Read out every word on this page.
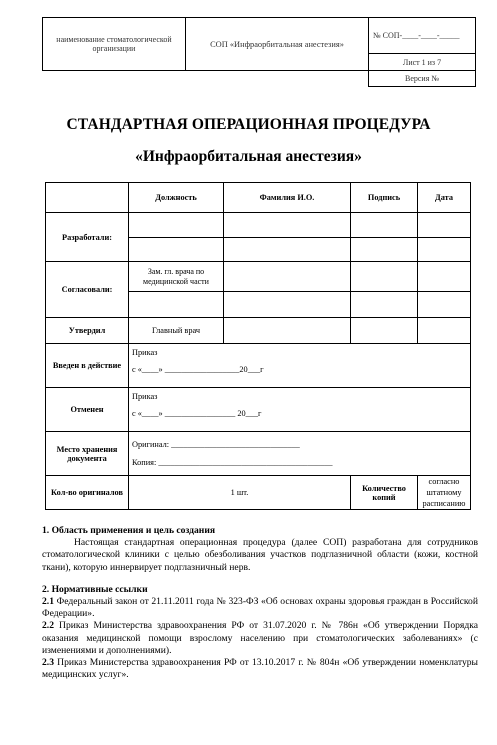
наименование стоматологической организации	СОП «Инфраорбитальная анестезия»	№ СОП-____-____-_____
		Лист 1 из 7
		Версия №
СТАНДАРТНАЯ ОПЕРАЦИОННАЯ ПРОЦЕДУРА
«Инфраорбитальная анестезия»
	Должность	Фамилия И.О.	Подпись	Дата
Разработали:				

Согласовали:	Зам. гл. врача по медицинской части			

Утвердил	Главный врач			
Введен в действие	Приказ
с «____» __________________20___г			

Отменен	Приказ
с «____» _________________ 20___г			

Место хранения документа	Оригинал: _______________________________
Копия: __________________________________________			

Кол-во оригиналов	1 шт.		Количество копий	согласно штатному расписанию

1. Область применения и цель создания

Настоящая стандартная операционная процедура (далее СОП) разработана для сотрудников стоматологической клиники с целью обезболивания участков подглазничной области (кожи, костной ткани), которую иннервирует подглазничный нерв.

2. Нормативные ссылки

2.1 Федеральный закон от 21.11.2011 года № 323-ФЗ «Об основах охраны здоровья граждан в Российской Федерации».

2.2 Приказ Министерства здравоохранения РФ от 31.07.2020 г. № 786н «Об утверждении Порядка оказания медицинской помощи взрослому населению при стоматологических заболеваниях» (с изменениями и дополнениями).

2.3 Приказ Министерства здравоохранения РФ от 13.10.2017 г. № 804н «Об утверждении номенклатуры медицинских услуг».
